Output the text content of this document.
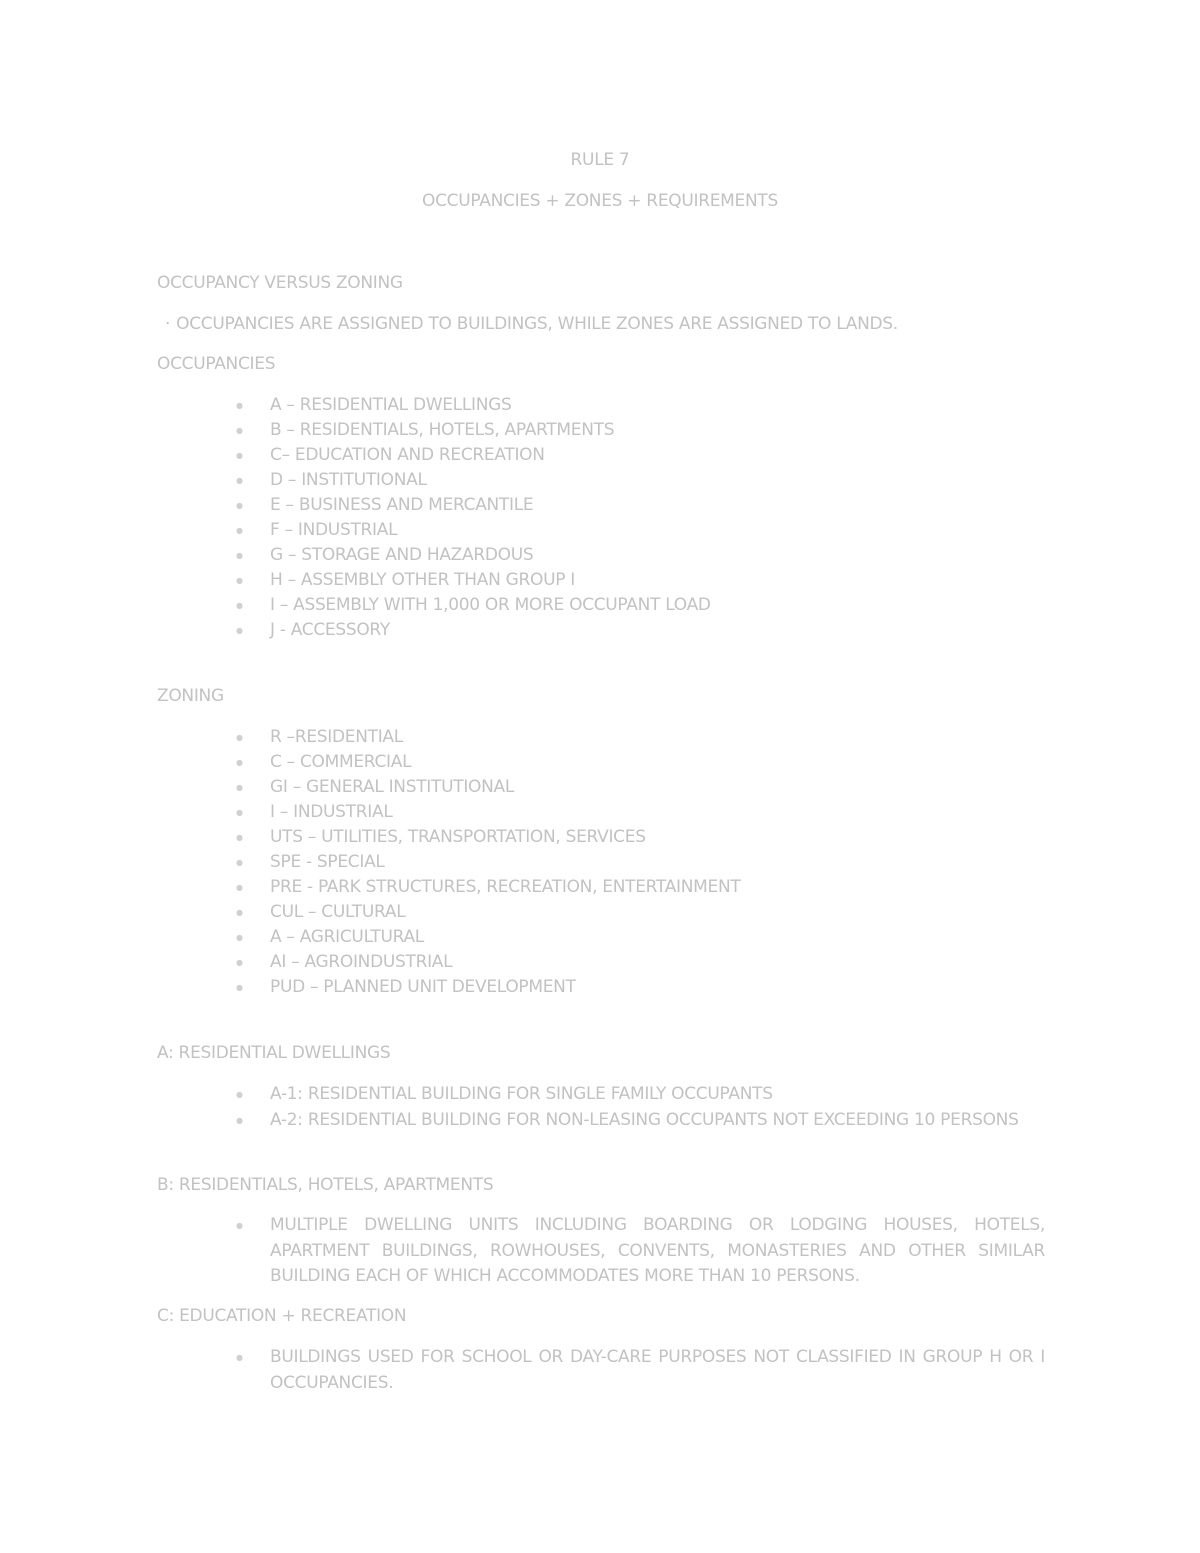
RULE 7
OCCUPANCIES + ZONES + REQUIREMENTS
OCCUPANCY VERSUS ZONING
· OCCUPANCIES ARE ASSIGNED TO BUILDINGS, WHILE ZONES ARE ASSIGNED TO LANDS.
OCCUPANCIES
● A – RESIDENTIAL DWELLINGS
● B – RESIDENTIALS, HOTELS, APARTMENTS
● C– EDUCATION AND RECREATION
● D – INSTITUTIONAL
● E – BUSINESS AND MERCANTILE
● F – INDUSTRIAL
● G – STORAGE AND HAZARDOUS
● H – ASSEMBLY OTHER THAN GROUP I
● I – ASSEMBLY WITH 1,000 OR MORE OCCUPANT LOAD
● J - ACCESSORY
ZONING
● R –RESIDENTIAL
● C – COMMERCIAL
● GI – GENERAL INSTITUTIONAL
● I – INDUSTRIAL
● UTS – UTILITIES, TRANSPORTATION, SERVICES
● SPE - SPECIAL
● PRE - PARK STRUCTURES, RECREATION, ENTERTAINMENT
● CUL – CULTURAL
● A – AGRICULTURAL
● AI – AGROINDUSTRIAL
● PUD – PLANNED UNIT DEVELOPMENT
A: RESIDENTIAL DWELLINGS
● A-1: RESIDENTIAL BUILDING FOR SINGLE FAMILY OCCUPANTS
● A-2: RESIDENTIAL BUILDING FOR NON-LEASING OCCUPANTS NOT EXCEEDING 10 PERSONS
B: RESIDENTIALS, HOTELS, APARTMENTS
● MULTIPLE DWELLING UNITS INCLUDING BOARDING OR LODGING HOUSES, HOTELS, APARTMENT BUILDINGS, ROWHOUSES, CONVENTS, MONASTERIES AND OTHER SIMILAR BUILDING EACH OF WHICH ACCOMMODATES MORE THAN 10 PERSONS.
C: EDUCATION + RECREATION
● BUILDINGS USED FOR SCHOOL OR DAY-CARE PURPOSES NOT CLASSIFIED IN GROUP H OR I OCCUPANCIES.
